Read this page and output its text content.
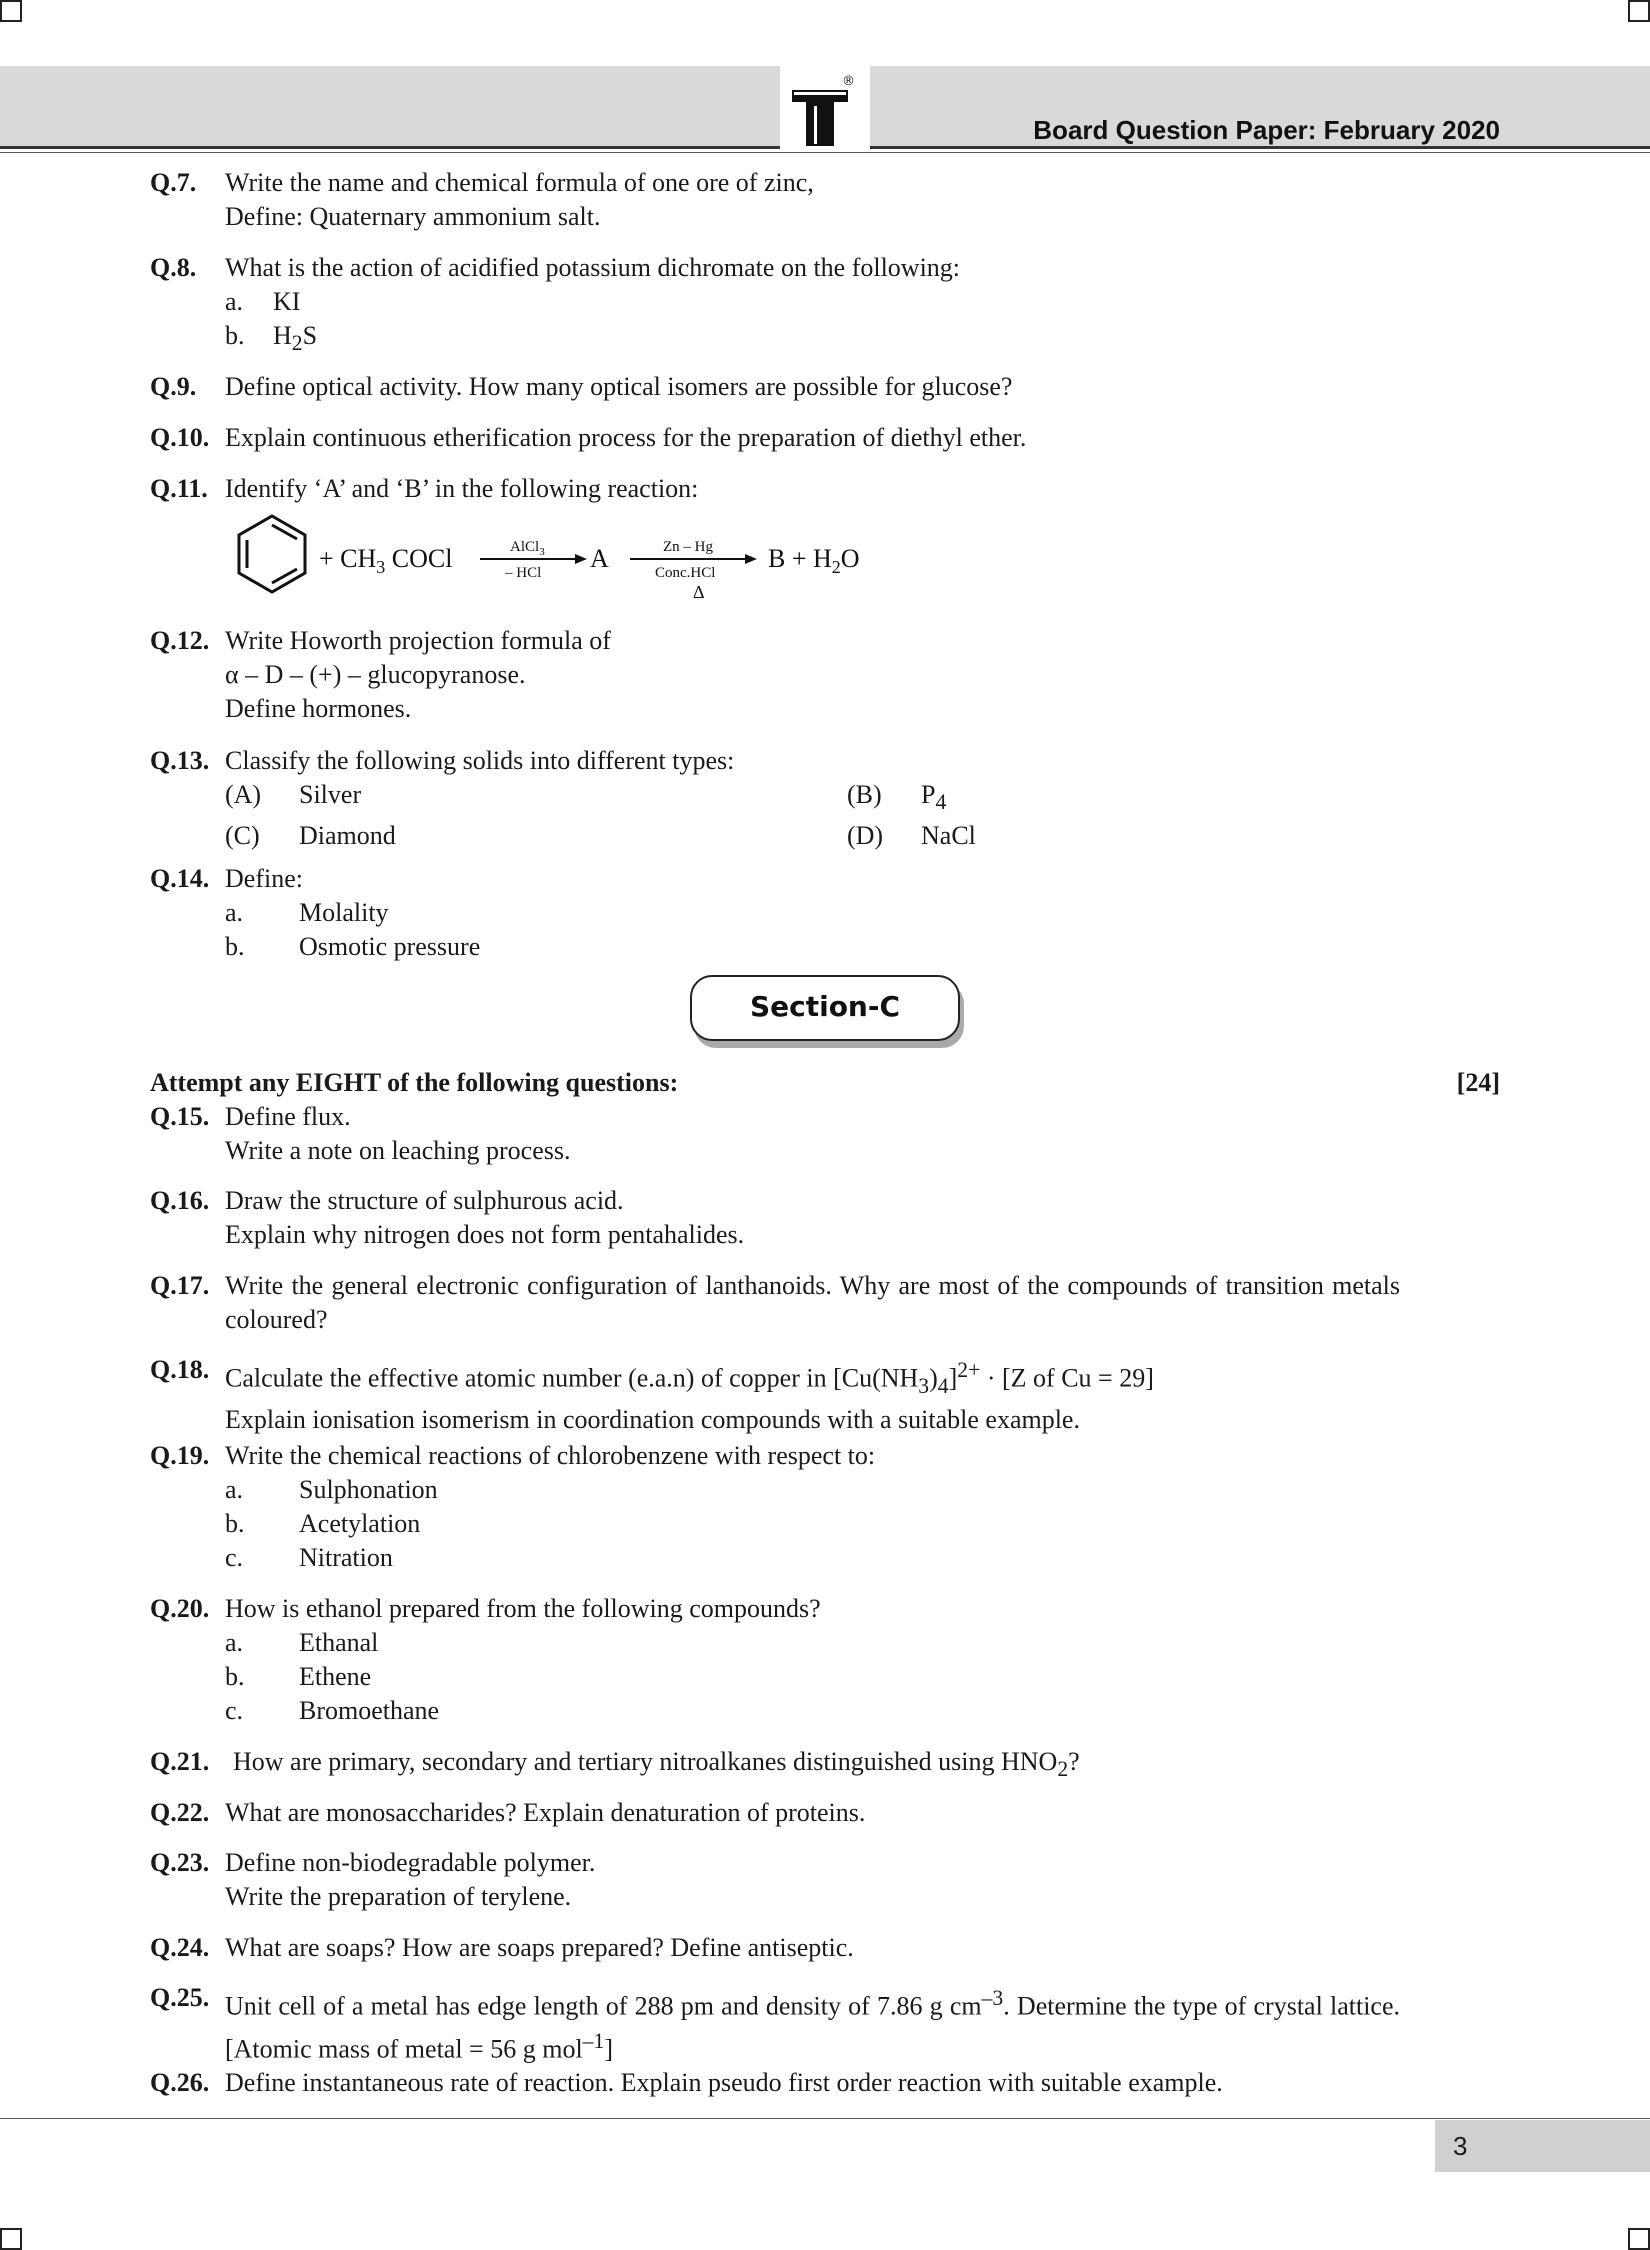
®
Board Question Paper: February 2020
Q.7. Write the name and chemical formula of one ore of zinc,
Define: Quaternary ammonium salt.
Q.8. What is the action of acidified potassium dichromate on the following:
a.	KI
b.	$H_2S$
Q.9. Define optical activity. How many optical isomers are possible for glucose?
Q.10. Explain continuous etherification process for the preparation of diethyl ether.
Q.11. Identify ‘A’ and ‘B’ in the following reaction:
+ $CH_3$ COCl	AlCl$_3$
– HCl A	Zn – Hg
Conc.HCl
Δ
$B + H_2O$
Q.12. Write Howorth projection formula of
α – D – (+) – glucopyranose.
Define hormones.
Q.13. Classify the following solids into different types:
(A)	Silver	(B)	$P_4$
(C)	Diamond	(D)	NaCl
Q.14. Define:
a.	Molality
b.	Osmotic pressure
Section-C
Attempt any EIGHT of the following questions:	[24]
Q.15. Define flux.
Write a note on leaching process.
Q.16. Draw the structure of sulphurous acid.
Explain why nitrogen does not form pentahalides.
Q.17. Write the general electronic configuration of lanthanoids. Why are most of the compounds of transition metals coloured?
Q.18. Calculate the effective atomic number (e.a.n) of copper in $[Cu(NH_3)_4]^{2+} \cdot [Z$ of Cu = 29]
Explain ionisation isomerism in coordination compounds with a suitable example.
Q.19. Write the chemical reactions of chlorobenzene with respect to:
a.	Sulphonation
b.	Acetylation
c.	Nitration
Q.20. How is ethanol prepared from the following compounds?
a.	Ethanal
b.	Ethene
c.	Bromoethane
Q.21. How are primary, secondary and tertiary nitroalkanes distinguished using $HNO_2$?
Q.22. What are monosaccharides? Explain denaturation of proteins.
Q.23. Define non-biodegradable polymer.
Write the preparation of terylene.
Q.24. What are soaps? How are soaps prepared? Define antiseptic.
Q.25. Unit cell of a metal has edge length of 288 pm and density of 7.86 g $cm^{-3}$. Determine the type of crystal lattice. [Atomic mass of metal = 56 g mol$^{-1}$]
Q.26. Define instantaneous rate of reaction. Explain pseudo first order reaction with suitable example.
3
